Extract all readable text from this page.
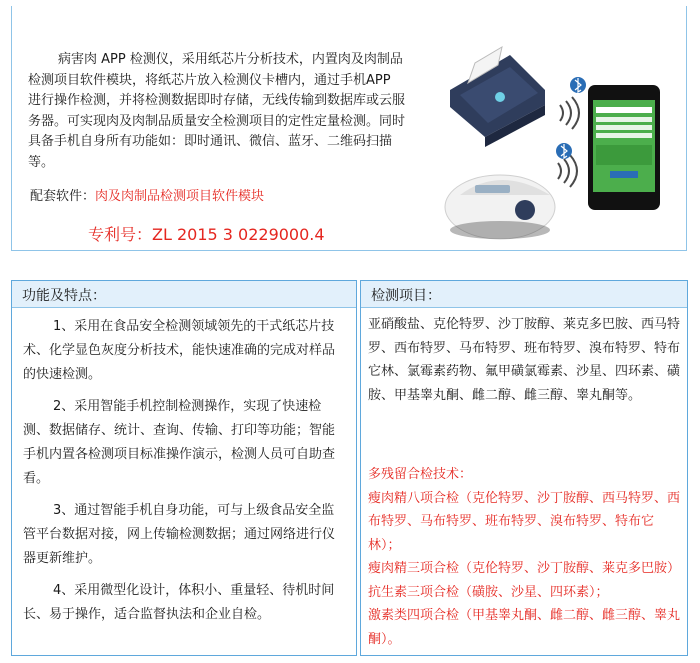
病害肉 APP 检测仪，采用纸芯片分析技术，内置肉及肉制品检测项目软件模块，将纸芯片放入检测仪卡槽内，通过手机APP 进行操作检测，并将检测数据即时存储，无线传输到数据库或云服务器。可实现肉及肉制品质量安全检测项目的定性定量检测。同时具备手机自身所有功能如：即时通讯、微信、蓝牙、二维码扫描等。
配套软件：肉及肉制品检测项目软件模块
专利号：ZL 2015 3 0229000.4
功能及特点：

1、采用在食品安全检测领域领先的干式纸芯片技术、化学显色灰度分析技术，能快速准确的完成对样品的快速检测。

2、采用智能手机控制检测操作，实现了快速检测、数据储存、统计、查询、传输、打印等功能；智能手机内置各检测项目标准操作演示，检测人员可自助查看。

3、通过智能手机自身功能，可与上级食品安全监管平台数据对接，网上传输检测数据；通过网络进行仪器更新维护。

4、采用微型化设计，体积小、重量轻、待机时间长、易于操作，适合监督执法和企业自检。

检测项目：
亚硝酸盐、克伦特罗、沙丁胺醇、莱克多巴胺、西马特罗、西布特罗、马布特罗、班布特罗、溴布特罗、特布它林、氯霉素药物、氟甲磺氯霉素、沙星、四环素、磺胺、甲基睾丸酮、雌二醇、雌三醇、睾丸酮等。

多残留合检技术：

瘦肉精八项合检（克伦特罗、沙丁胺醇、西马特罗、西布特罗、马布特罗、班布特罗、溴布特罗、特布它林）；

瘦肉精三项合检（克伦特罗、沙丁胺醇、莱克多巴胺）

抗生素三项合检（磺胺、沙星、四环素）；

激素类四项合检（甲基睾丸酮、雌二醇、雌三醇、睾丸酮）。
